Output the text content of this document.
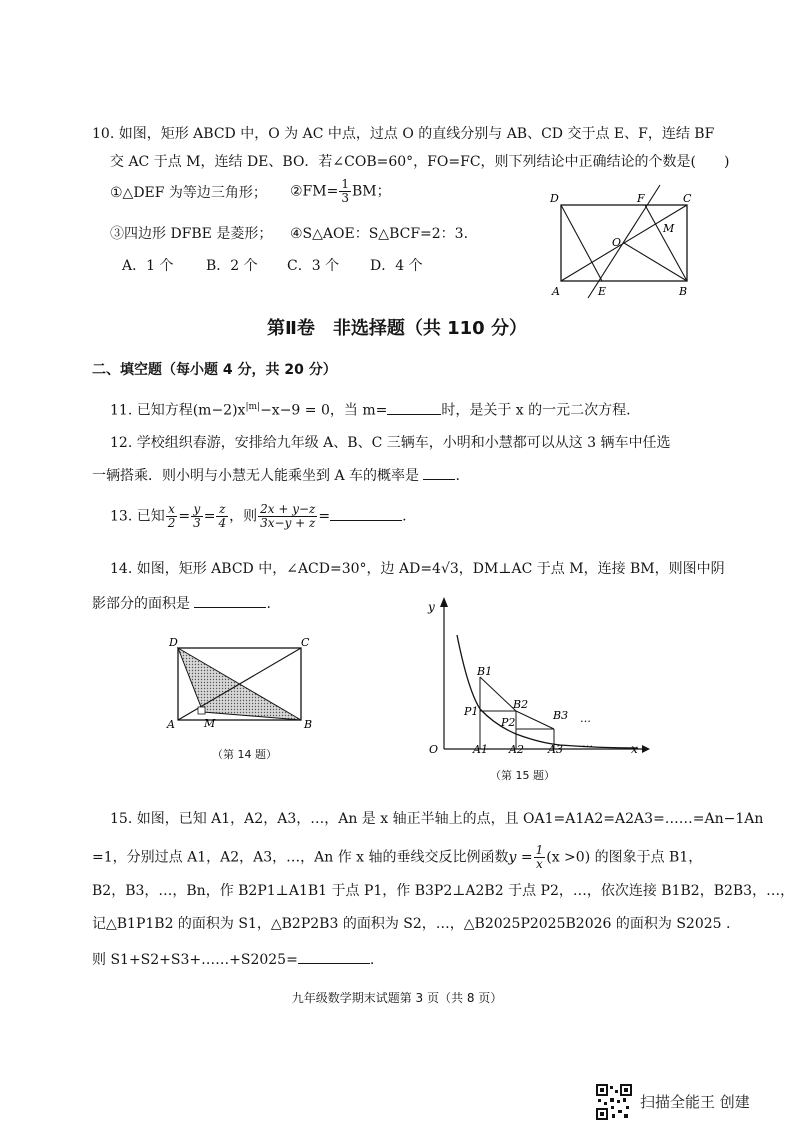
10. 如图，矩形 ABCD 中，O 为 AC 中点，过点 O 的直线分别与 AB、CD 交于点 E、F，连结 BF
交 AC 于点 M，连结 DE、BO．若∠COB=60°，FO=FC，则下列结论中正确结论的个数是(　　)
①△DEF 为等边三角形； ②FM= $\frac{1}{3}$ BM；
③四边形 DFBE 是菱形； ④S△AOE：S△BCF=2：3.
A．1 个 B．2 个 C．3 个 D．4 个
D	F	C
O
M
A	E	B
第Ⅱ卷　非选择题（共 110 分）
二、填空题（每小题 4 分，共 20 分）
11. 已知方程$(m-2)x^{|m|}-x-9 = 0$，当 m=	时，是关于 x 的一元二次方程.
12. 学校组织春游，安排给九年级 A、B、C 三辆车，小明和小慧都可以从这 3 辆车中任选
一辆搭乘．则小明与小慧无人能乘坐到 A 车的概率是	.
13. 已知 $\frac{x}{2} = \frac{y}{3} = \frac{z}{4}$ ，则 $\frac{2x + y-z}{3x-y + z}$ =	.
14. 如图，矩形 ABCD 中，∠ACD=30°，边 AD=4√3，DM⊥AC 于点 M，连接 BM，则图中阴
影部分的面积是	.
D	C
A	M	B
（第 14 题）
y
B1
B2
B3
P1
P2
O	A1 A2 A3	x
…
…
（第 15 题）
15. 如图，已知 A1，A2，A3，…，An 是 x 轴正半轴上的点，且 OA1=A1A2=A2A3=……=An−1An
=1，分别过点 A1，A2，A3，…，An 作 x 轴的垂线交反比例函数$y = \frac{1}{x} (x >0)$ 的图象于点 B1，
B2，B3，…，Bn，作 B2P1⊥A1B1 于点 P1，作 B3P2⊥A2B2 于点 P2，…，依次连接 B1B2，B2B3，…，
记△B1P1B2 的面积为 S1，△B2P2B3 的面积为 S2，…，△B2025P2025B2026 的面积为 S2025 .
则 S1+S2+S3+……+S2025=	.
九年级数学期末试题第 3 页（共 8 页）
扫描全能王 创建
